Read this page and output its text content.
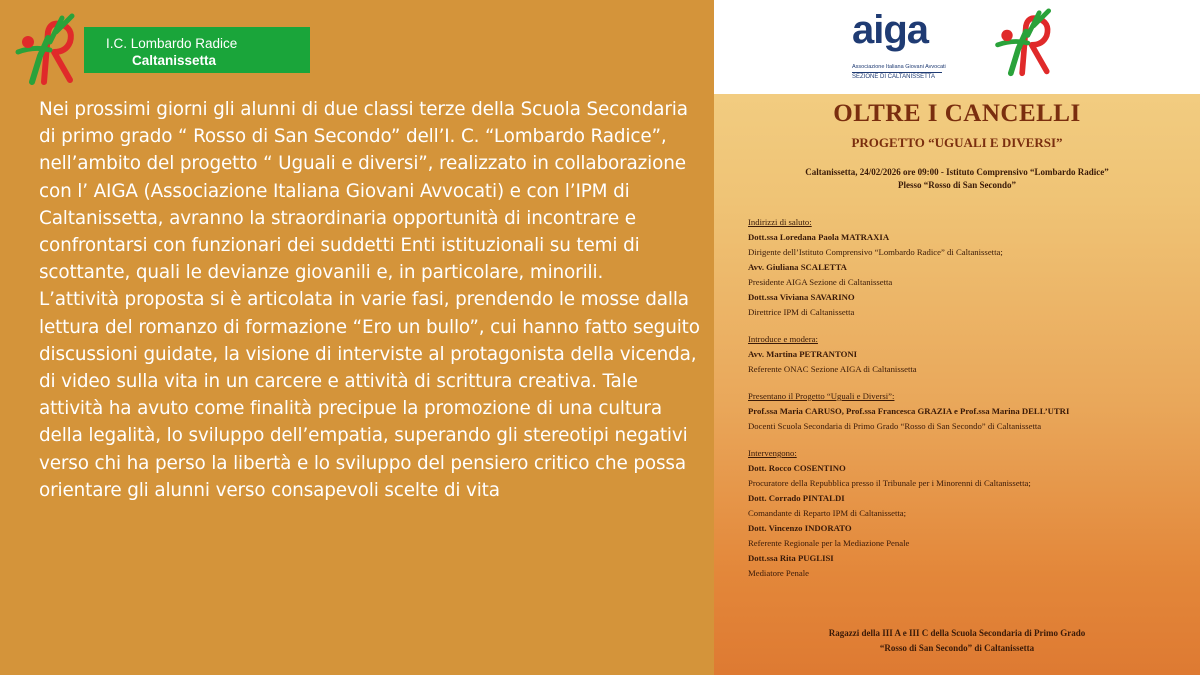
I.C. Lombardo Radice
Caltanissetta

Nei prossimi giorni gli alunni di due classi terze della Scuola Secondaria di primo grado “ Rosso di San Secondo” dell’I. C. “Lombardo Radice”, nell’ambito del progetto “ Uguali e diversi”, realizzato in collaborazione con l’ AIGA (Associazione Italiana Giovani Avvocati) e con l’IPM di Caltanissetta, avranno la straordinaria opportunità di incontrare e confrontarsi con funzionari dei suddetti Enti istituzionali su temi di scottante, quali le devianze giovanili e, in particolare, minorili.

L’attività proposta si è articolata in varie fasi, prendendo le mosse dalla lettura del romanzo di formazione “Ero un bullo”, cui hanno fatto seguito discussioni guidate, la visione di interviste al protagonista della vicenda, di video sulla vita in un carcere e attività di scrittura creativa. Tale attività ha avuto come finalità precipue la promozione di una cultura della legalità, lo sviluppo dell’empatia, superando gli stereotipi negativi verso chi ha perso la libertà e lo sviluppo del pensiero critico che possa orientare gli alunni verso consapevoli scelte di vita

aiga
Associazione Italiana Giovani Avvocati
SEZIONE DI CALTANISSETTA
OLTRE I CANCELLI
PROGETTO “UGUALI E DIVERSI”
Caltanissetta, 24/02/2026 ore 09:00 - Istituto Comprensivo “Lombardo Radice”
Plesso “Rosso di San Secondo”
Indirizzi di saluto:
Dott.ssa Loredana Paola MATRAXIA
Dirigente dell’Istituto Comprensivo “Lombardo Radice” di Caltanissetta;
Avv. Giuliana SCALETTA
Presidente AIGA Sezione di Caltanissetta
Dott.ssa Viviana SAVARINO
Direttrice IPM di Caltanissetta
Introduce e modera:
Avv. Martina PETRANTONI
Referente ONAC Sezione AIGA di Caltanissetta
Presentano il Progetto “Uguali e Diversi”:
Prof.ssa Maria CARUSO, Prof.ssa Francesca GRAZIA e Prof.ssa Marina DELL’UTRI
Docenti Scuola Secondaria di Primo Grado “Rosso di San Secondo” di Caltanissetta
Intervengono:
Dott. Rocco COSENTINO
Procuratore della Repubblica presso il Tribunale per i Minorenni di Caltanissetta;
Dott. Corrado PINTALDI
Comandante di Reparto IPM di Caltanissetta;
Dott. Vincenzo INDORATO
Referente Regionale per la Mediazione Penale
Dott.ssa Rita PUGLISI
Mediatore Penale
Ragazzi della III A e III C della Scuola Secondaria di Primo Grado
“Rosso di San Secondo” di Caltanissetta
